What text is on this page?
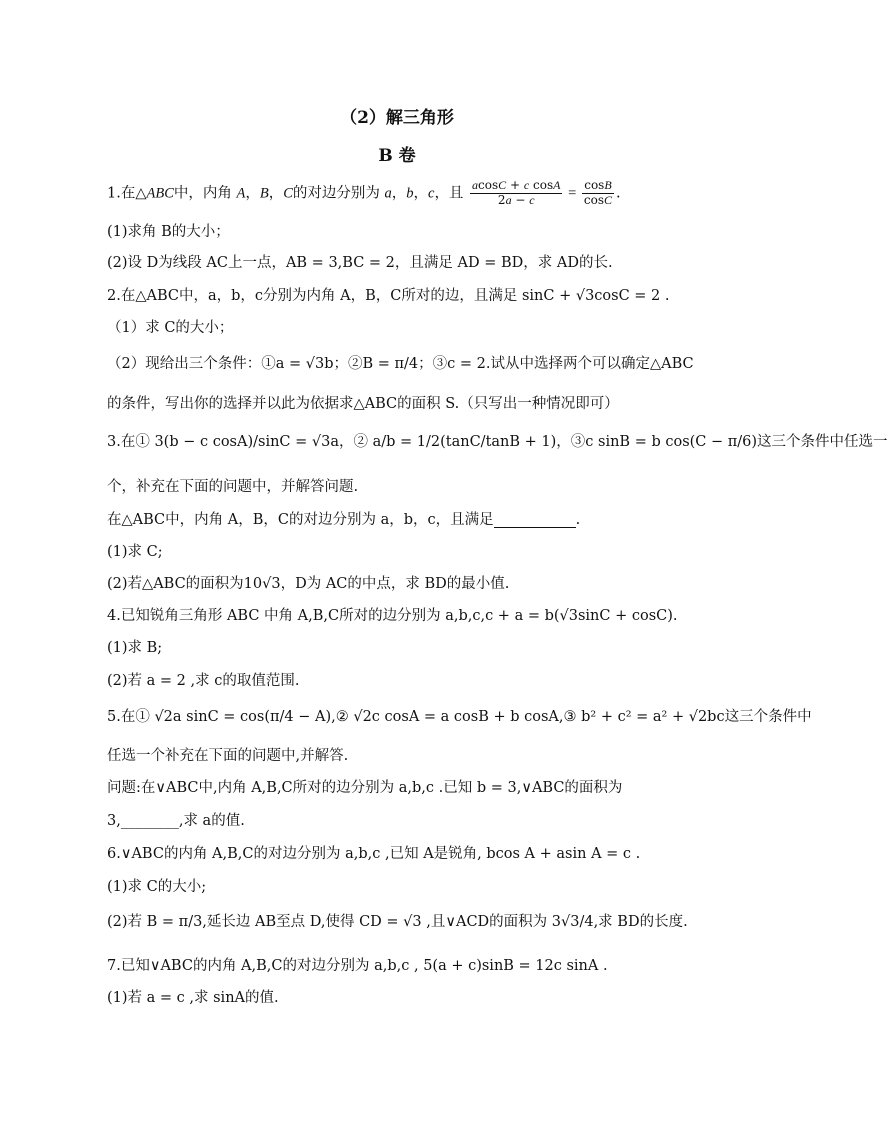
（2）解三角形
B 卷
1.在△ABC中，内角 A，B，C的对边分别为 a，b，c，且 $\frac{\text{acosC + c cosA}}{2a - c} = \frac{\cos B}{\cos C}$ .
(1)求角 B的大小；
(2)设 D为线段 AC上一点，AB = 3,BC = 2，且满足 AD = BD，求 AD的长.
2.在△ABC中，a，b，c分别为内角 A，B，C所对的边，且满足 sinC + √3cosC = 2 .
（1）求 C的大小；
（2）现给出三个条件：①a = √3b；②B = π/4；③c = 2.试从中选择两个可以确定△ABC
的条件，写出你的选择并以此为依据求△ABC的面积 S.（只写出一种情况即可）
3.在① 3(b − c cosA)/sinC = √3a，② a/b = 1/2(tanC/tanB + 1)，③c sinB = b cos(C − π/6)这三个条件中任选一
个，补充在下面的问题中，并解答问题.
在△ABC中，内角 A，B，C的对边分别为 a，b，c，且满足	.
(1)求 C;
(2)若△ABC的面积为10√3，D为 AC的中点，求 BD的最小值.
4.已知锐角三角形 ABC 中角 A,B,C所对的边分别为 a,b,c,c + a = b(√3sinC + cosC).
(1)求 B;
(2)若 a = 2 ,求 c的取值范围.
5.在① √2a sinC = cos(π/4 − A),② √2c cosA = a cosB + b cosA,③ b² + c² = a² + √2bc这三个条件中
任选一个补充在下面的问题中,并解答.
问题:在∨ABC中,内角 A,B,C所对的边分别为 a,b,c .已知 b = 3,∨ABC的面积为
3,________,求 a的值.
6.∨ABC的内角 A,B,C的对边分别为 a,b,c ,已知 A是锐角, bcos A + asin A = c .
(1)求 C的大小;
(2)若 B = π/3,延长边 AB至点 D,使得 CD = √3 ,且∨ACD的面积为 3√3/4,求 BD的长度.
7.已知∨ABC的内角 A,B,C的对边分别为 a,b,c , 5(a + c)sinB = 12c sinA .
(1)若 a = c ,求 sinA的值.
